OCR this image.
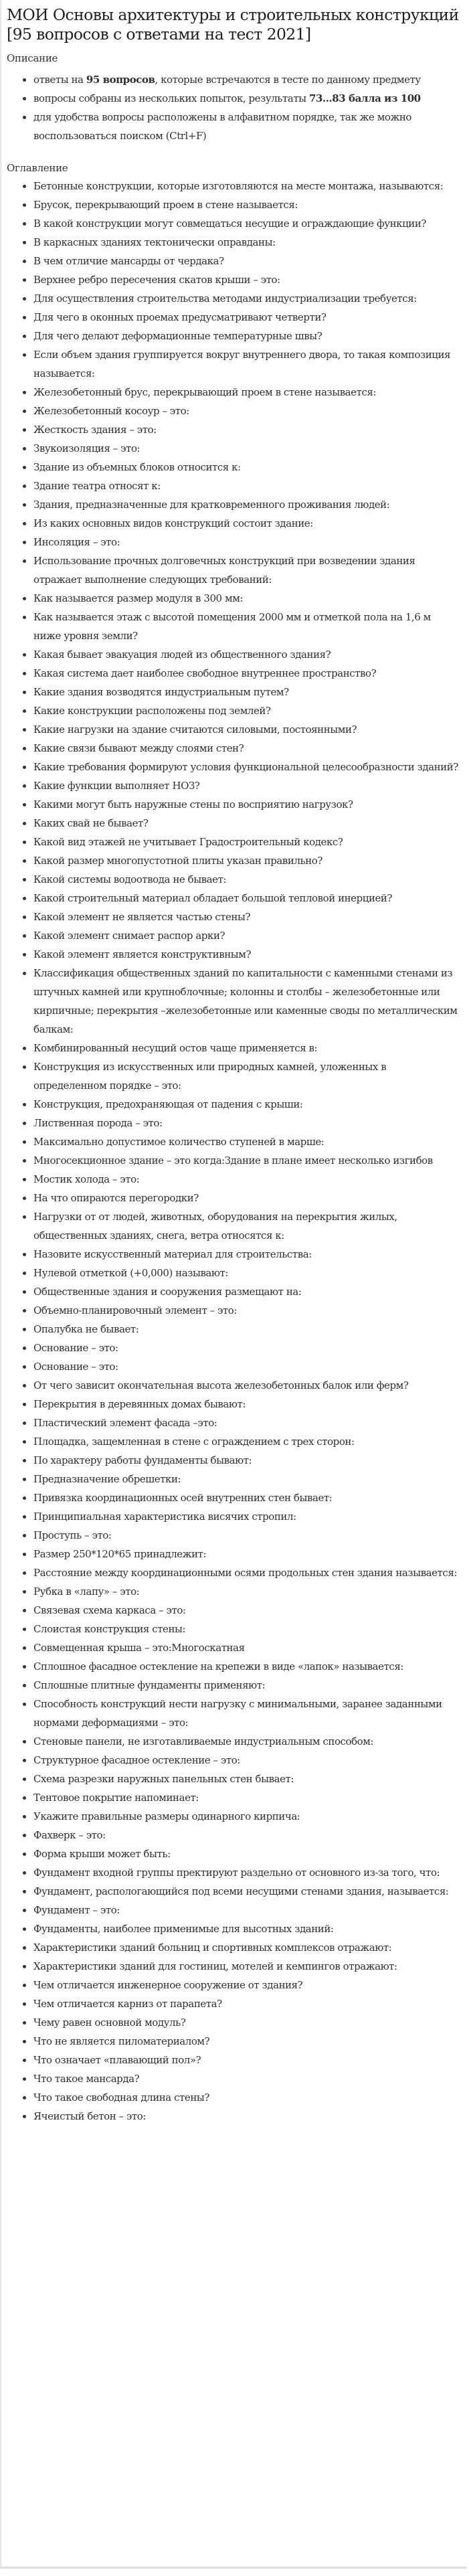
МОИ Основы архитектуры и строительных конструкций [95 вопросов с ответами на тест 2021]
Описание
ответы на 95 вопросов, которые встречаются в тесте по данному предмету
вопросы собраны из нескольких попыток, результаты 73...83 балла из 100
для удобства вопросы расположены в алфавитном порядке, так же можно воспользоваться поиском (Ctrl+F)
Оглавление
Бетонные конструкции, которые изготовляются на месте монтажа, называются:
Брусок, перекрывающий проем в стене называется:
В какой конструкции могут совмещаться несущие и ограждающие функции?
В каркасных зданиях тектонически оправданы:
В чем отличие мансарды от чердака?
Верхнее ребро пересечения скатов крыши – это:
Для осуществления строительства методами индустриализации требуется:
Для чего в оконных проемах предусматривают четверти?
Для чего делают деформационные температурные швы?
Если объем здания группируется вокруг внутреннего двора, то такая композиция называется:
Железобетонный брус, перекрывающий проем в стене называется:
Железобетонный косоур – это:
Жесткость здания – это:
Звукоизоляция – это:
Здание из объемных блоков относится к:
Здание театра относят к:
Здания, предназначенные для кратковременного проживания людей:
Из каких основных видов конструкций состоит здание:
Инсоляция – это:
Использование прочных долговечных конструкций при возведении здания отражает выполнение следующих требований:
Как называется размер модуля в 300 мм:
Как называется этаж с высотой помещения 2000 мм и отметкой пола на 1,6 м ниже уровня земли?
Какая бывает эвакуация людей из общественного здания?
Какая система дает наиболее свободное внутреннее пространство?
Какие здания возводятся индустриальным путем?
Какие конструкции расположены под землей?
Какие нагрузки на здание считаются силовыми, постоянными?
Какие связи бывают между слоями стен?
Какие требования формируют условия функциональной целесообразности зданий?
Какие функции выполняет НОЗ?
Какими могут быть наружные стены по восприятию нагрузок?
Каких свай не бывает?
Какой вид этажей не учитывает Градостроительный кодекс?
Какой размер многопустотной плиты указан правильно?
Какой системы водоотвода не бывает:
Какой строительный материал обладает большой тепловой инерцией?
Какой элемент не является частью стены?
Какой элемент снимает распор арки?
Какой элемент является конструктивным?
Классификация общественных зданий по капитальности с каменными стенами из штучных камней или крупноблочные; колонны и столбы – железобетонные или кирпичные; перекрытия –железобетонные или каменные своды по металлическим балкам:
Комбинированный несущий остов чаще применяется в:
Конструкция из искусственных или природных камней, уложенных в определенном порядке – это:
Конструкция, предохраняющая от падения с крыши:
Лиственная порода – это:
Максимально допустимое количество ступеней в марше:
Многосекционное здание – это когда:Здание в плане имеет несколько изгибов
Мостик холода – это:
На что опираются перегородки?
Нагрузки от от людей, животных, оборудования на перекрытия жилых, общественных зданиях, снега, ветра относятся к:
Назовите искусственный материал для строительства:
Нулевой отметкой (+0,000) называют:
Общественные здания и сооружения размещают на:
Объемно-планировочный элемент – это:
Опалубка не бывает:
Основание – это:
Основание – это:
От чего зависит окончательная высота железобетонных балок или ферм?
Перекрытия в деревянных домах бывают:
Пластический элемент фасада –это:
Площадка, защемленная в стене с ограждением с трех сторон:
По характеру работы фундаменты бывают:
Предназначение обрешетки:
Привязка координационных осей внутренних стен бывает:
Принципиальная характеристика висячих стропил:
Проступь – это:
Размер 250*120*65 принадлежит:
Расстояние между координационными осями продольных стен здания называется:
Рубка в «лапу» – это:
Связевая схема каркаса – это:
Слоистая конструкция стены:
Совмещенная крыша – это:Многоскатная
Сплошное фасадное остекление на крепежи в виде «лапок» называется:
Сплошные плитные фундаменты применяют:
Способность конструкций нести нагрузку с минимальными, заранее заданными нормами деформациями – это:
Стеновые панели, не изготавливаемые индустриальным способом:
Структурное фасадное остекление – это:
Схема разрезки наружных панельных стен бывает:
Тентовое покрытие напоминает:
Укажите правильные размеры одинарного кирпича:
Фахверк – это:
Форма крыши может быть:
Фундамент входной группы пректируют раздельно от основного из-за того, что:
Фундамент, распологающийся под всеми несущими стенами здания, называется:
Фундамент – это:
Фундаменты, наиболее применимые для высотных зданий:
Характеристики зданий больниц и спортивных комплексов отражают:
Характеристики зданий для гостиниц, мотелей и кемпингов отражают:
Чем отличается инженерное сооружение от здания?
Чем отличается карниз от парапета?
Чему равен основной модуль?
Что не является пиломатериалом?
Что означает «плавающий пол»?
Что такое мансарда?
Что такое свободная длина стены?
Ячеистый бетон – это:
